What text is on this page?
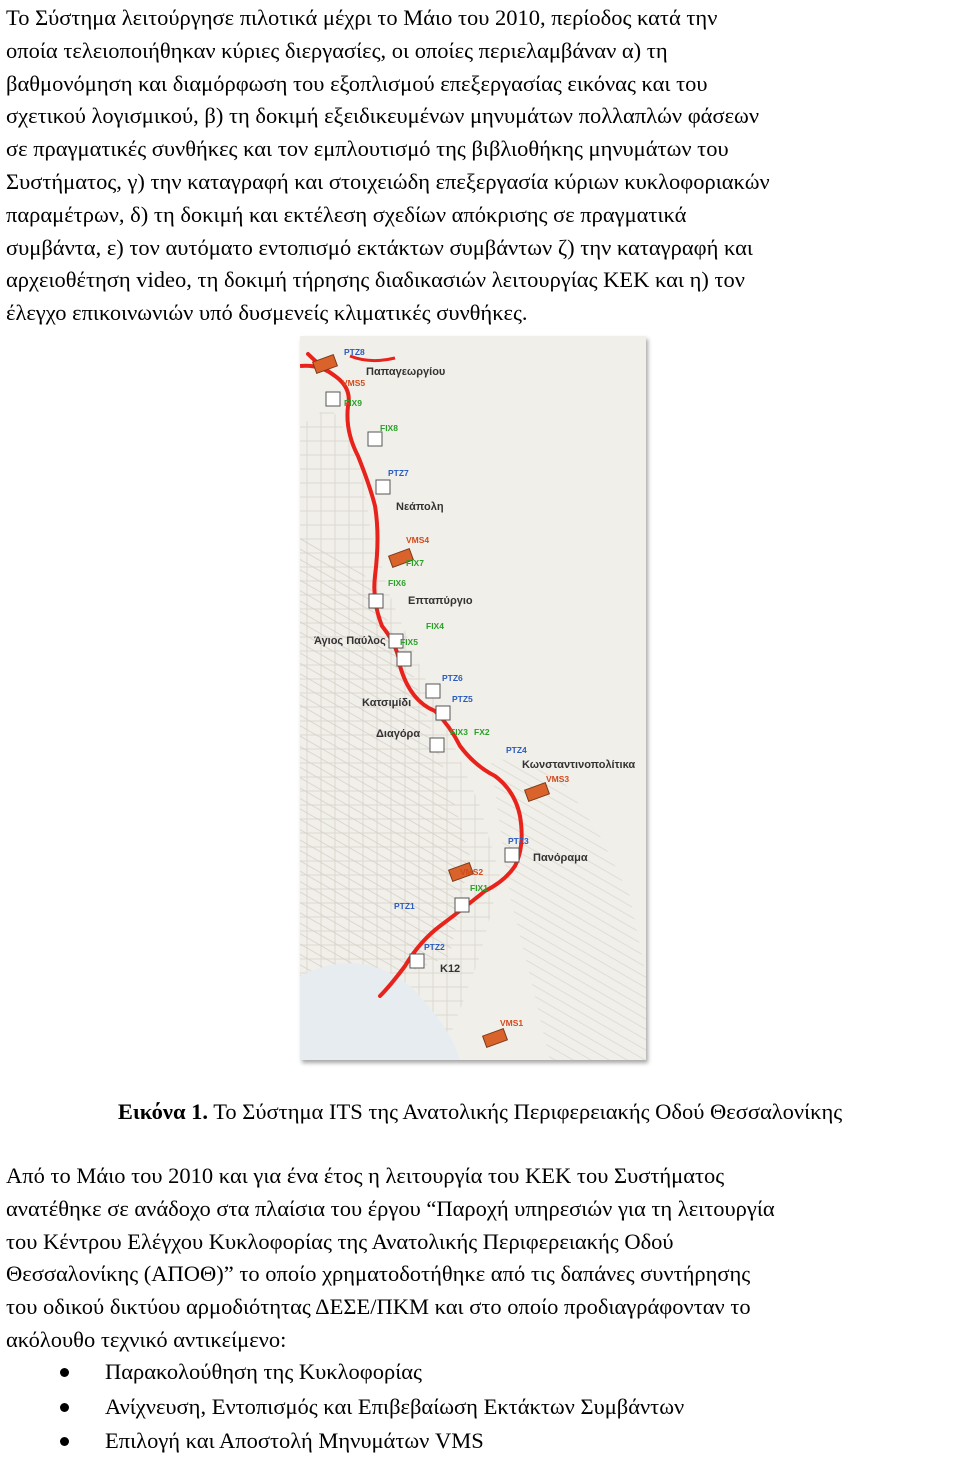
Το Σύστημα λειτούργησε πιλοτικά μέχρι το Μάιο του 2010, περίοδος κατά την
οποία τελειοποιήθηκαν κύριες διεργασίες, οι οποίες περιελαμβάναν α) τη
βαθμονόμηση και διαμόρφωση του εξοπλισμού επεξεργασίας εικόνας και του
σχετικού λογισμικού, β) τη δοκιμή εξειδικευμένων μηνυμάτων πολλαπλών φάσεων
σε πραγματικές συνθήκες και τον εμπλουτισμό της βιβλιοθήκης μηνυμάτων του
Συστήματος, γ) την καταγραφή και στοιχειώδη επεξεργασία κύριων κυκλοφοριακών
παραμέτρων, δ) τη δοκιμή και εκτέλεση σχεδίων απόκρισης σε πραγματικά
συμβάντα, ε) τον αυτόματο εντοπισμό εκτάκτων συμβάντων ζ) την καταγραφή και
αρχειοθέτηση video, τη δοκιμή τήρησης διαδικασιών λειτουργίας ΚΕΚ και η) τον
έλεγχο επικοινωνιών υπό δυσμενείς κλιματικές συνθήκες.
Παπαγεωργίου
Νεάπολη
Επταπύργιο
Άγιος Παύλος
Κατσιμίδι
Διαγόρα
Κωνσταντινοπολίτικα
Πανόραμα
Κ12
PTZ8
VMS5
FIX9
FIX8
PTZ7
VMS4
FIX7
FIX6
FIX4
FIX5
PTZ6
PTZ5
FIX3 FX2
PTZ4
VMS3
PTZ3
VMS2
FIX1
PTZ1
PTZ2
VMS1
Εικόνα 1. Το Σύστημα ITS της Ανατολικής Περιφερειακής Οδού Θεσσαλονίκης
Από το Μάιο του 2010 και για ένα έτος η λειτουργία του ΚΕΚ του Συστήματος
ανατέθηκε σε ανάδοχο στα πλαίσια του έργου “Παροχή υπηρεσιών για τη λειτουργία
του Κέντρου Ελέγχου Κυκλοφορίας της Ανατολικής Περιφερειακής Οδού
Θεσσαλονίκης (ΑΠΟΘ)” το οποίο χρηματοδοτήθηκε από τις δαπάνες συντήρησης
του οδικού δικτύου αρμοδιότητας ΔΕΣΕ/ΠΚΜ και στο οποίο προδιαγράφονταν το
ακόλουθο τεχνικό αντικείμενο:
Παρακολούθηση της Κυκλοφορίας
Ανίχνευση, Εντοπισμός και Επιβεβαίωση Εκτάκτων Συμβάντων
Επιλογή και Αποστολή Μηνυμάτων VMS
